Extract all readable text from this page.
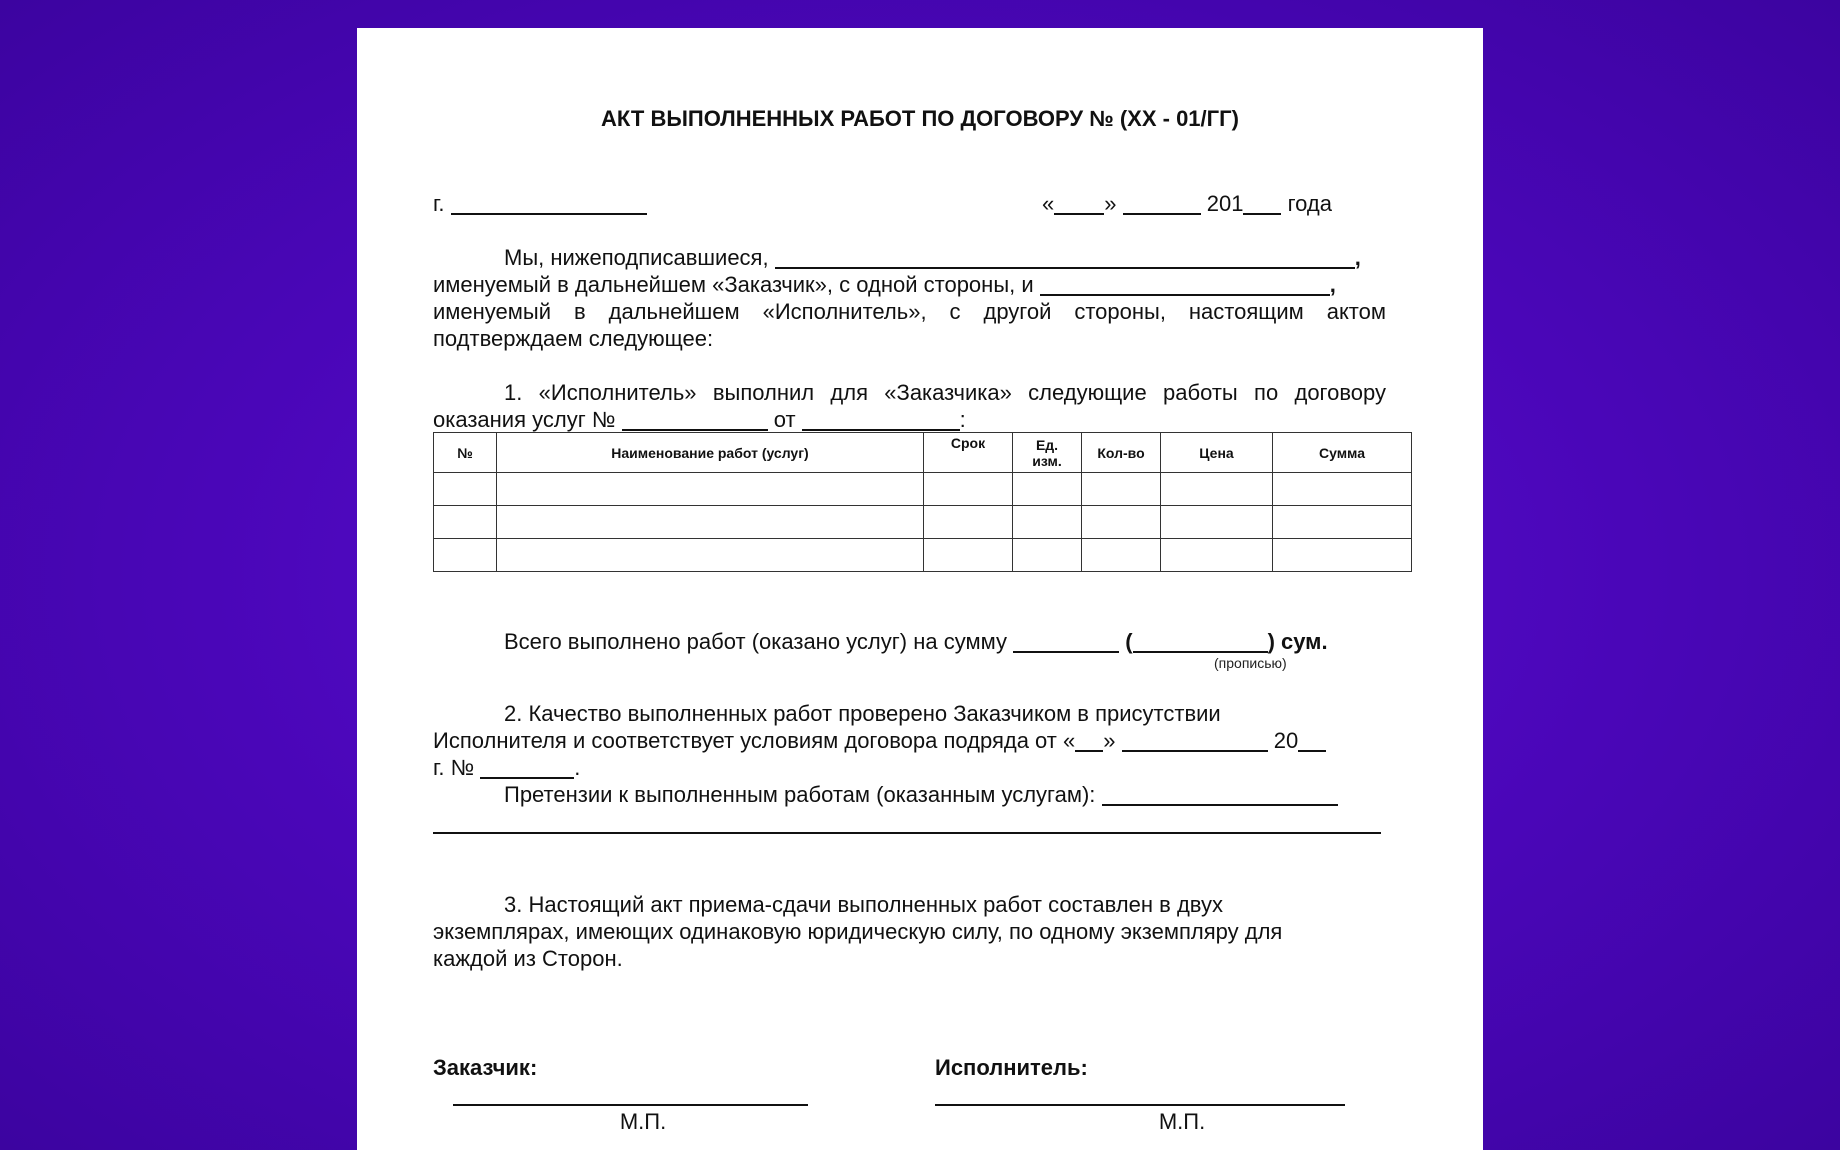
АКТ ВЫПОЛНЕННЫХ РАБОТ ПО ДОГОВОРУ № (ХХ - 01/ГГ)
г.	« »	201 года
Мы, нижеподписавшиеся,	,
именуемый в дальнейшем «Заказчик», с одной стороны, и	,
именуемый в дальнейшем «Исполнитель», с другой стороны, настоящим актом
подтверждаем следующее:
1. «Исполнитель» выполнил для «Заказчика» следующие работы по договору
оказания услуг №	от	:
№	Наименование работ (услуг)	Срок	Ед. изм.	Кол-во	Цена	Сумма

Всего выполнено работ (оказано услуг) на сумму	(	) сум.
(прописью)
2. Качество выполненных работ проверено Заказчиком в присутствии
Исполнителя и соответствует условиям договора подряда от « »	20
г. №	.
Претензии к выполненным работам (оказанным услугам):
3. Настоящий акт приема-сдачи выполненных работ составлен в двух
экземплярах, имеющих одинаковую юридическую силу, по одному экземпляру для
каждой из Сторон.
Заказчик:	Исполнитель:
М.П.	М.П.
